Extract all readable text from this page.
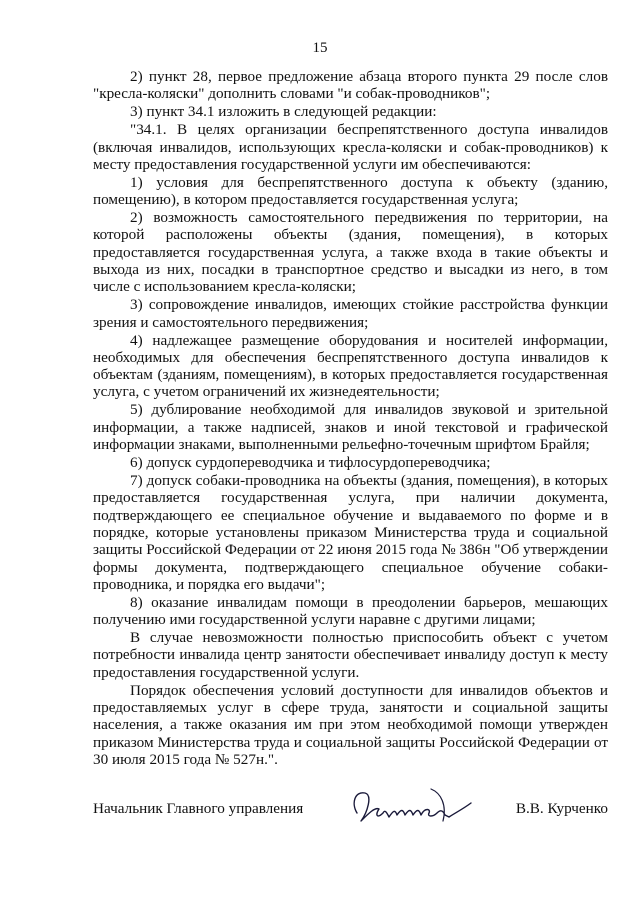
15

2) пункт 28, первое предложение абзаца второго пункта 29 после слов "кресла-коляски" дополнить словами "и собак-проводников";

3) пункт 34.1 изложить в следующей редакции:

"34.1. В целях организации беспрепятственного доступа инвалидов (включая инвалидов, использующих кресла-коляски и собак-проводников) к месту предоставления государственной услуги им обеспечиваются:

1) условия для беспрепятственного доступа к объекту (зданию, помещению), в котором предоставляется государственная услуга;

2) возможность самостоятельного передвижения по территории, на которой расположены объекты (здания, помещения), в которых предоставляется государственная услуга, а также входа в такие объекты и выхода из них, посадки в транспортное средство и высадки из него, в том числе с использованием кресла-коляски;

3) сопровождение инвалидов, имеющих стойкие расстройства функции зрения и самостоятельного передвижения;

4) надлежащее размещение оборудования и носителей информации, необходимых для обеспечения беспрепятственного доступа инвалидов к объектам (зданиям, помещениям), в которых предоставляется государственная услуга, с учетом ограничений их жизнедеятельности;

5) дублирование необходимой для инвалидов звуковой и зрительной информации, а также надписей, знаков и иной текстовой и графической информации знаками, выполненными рельефно-точечным шрифтом Брайля;

6) допуск сурдопереводчика и тифлосурдопереводчика;

7) допуск собаки-проводника на объекты (здания, помещения), в которых предоставляется государственная услуга, при наличии документа, подтверждающего ее специальное обучение и выдаваемого по форме и в порядке, которые установлены приказом Министерства труда и социальной защиты Российской Федерации от 22 июня 2015 года № 386н "Об утверждении формы документа, подтверждающего специальное обучение собаки-проводника, и порядка его выдачи";

8) оказание инвалидам помощи в преодолении барьеров, мешающих получению ими государственной услуги наравне с другими лицами;

В случае невозможности полностью приспособить объект с учетом потребности инвалида центр занятости обеспечивает инвалиду доступ к месту предоставления государственной услуги.

Порядок обеспечения условий доступности для инвалидов объектов и предоставляемых услуг в сфере труда, занятости и социальной защиты населения, а также оказания им при этом необходимой помощи утвержден приказом Министерства труда и социальной защиты Российской Федерации от 30 июля 2015 года № 527н.".

Начальник Главного управления	В.В. Курченко
